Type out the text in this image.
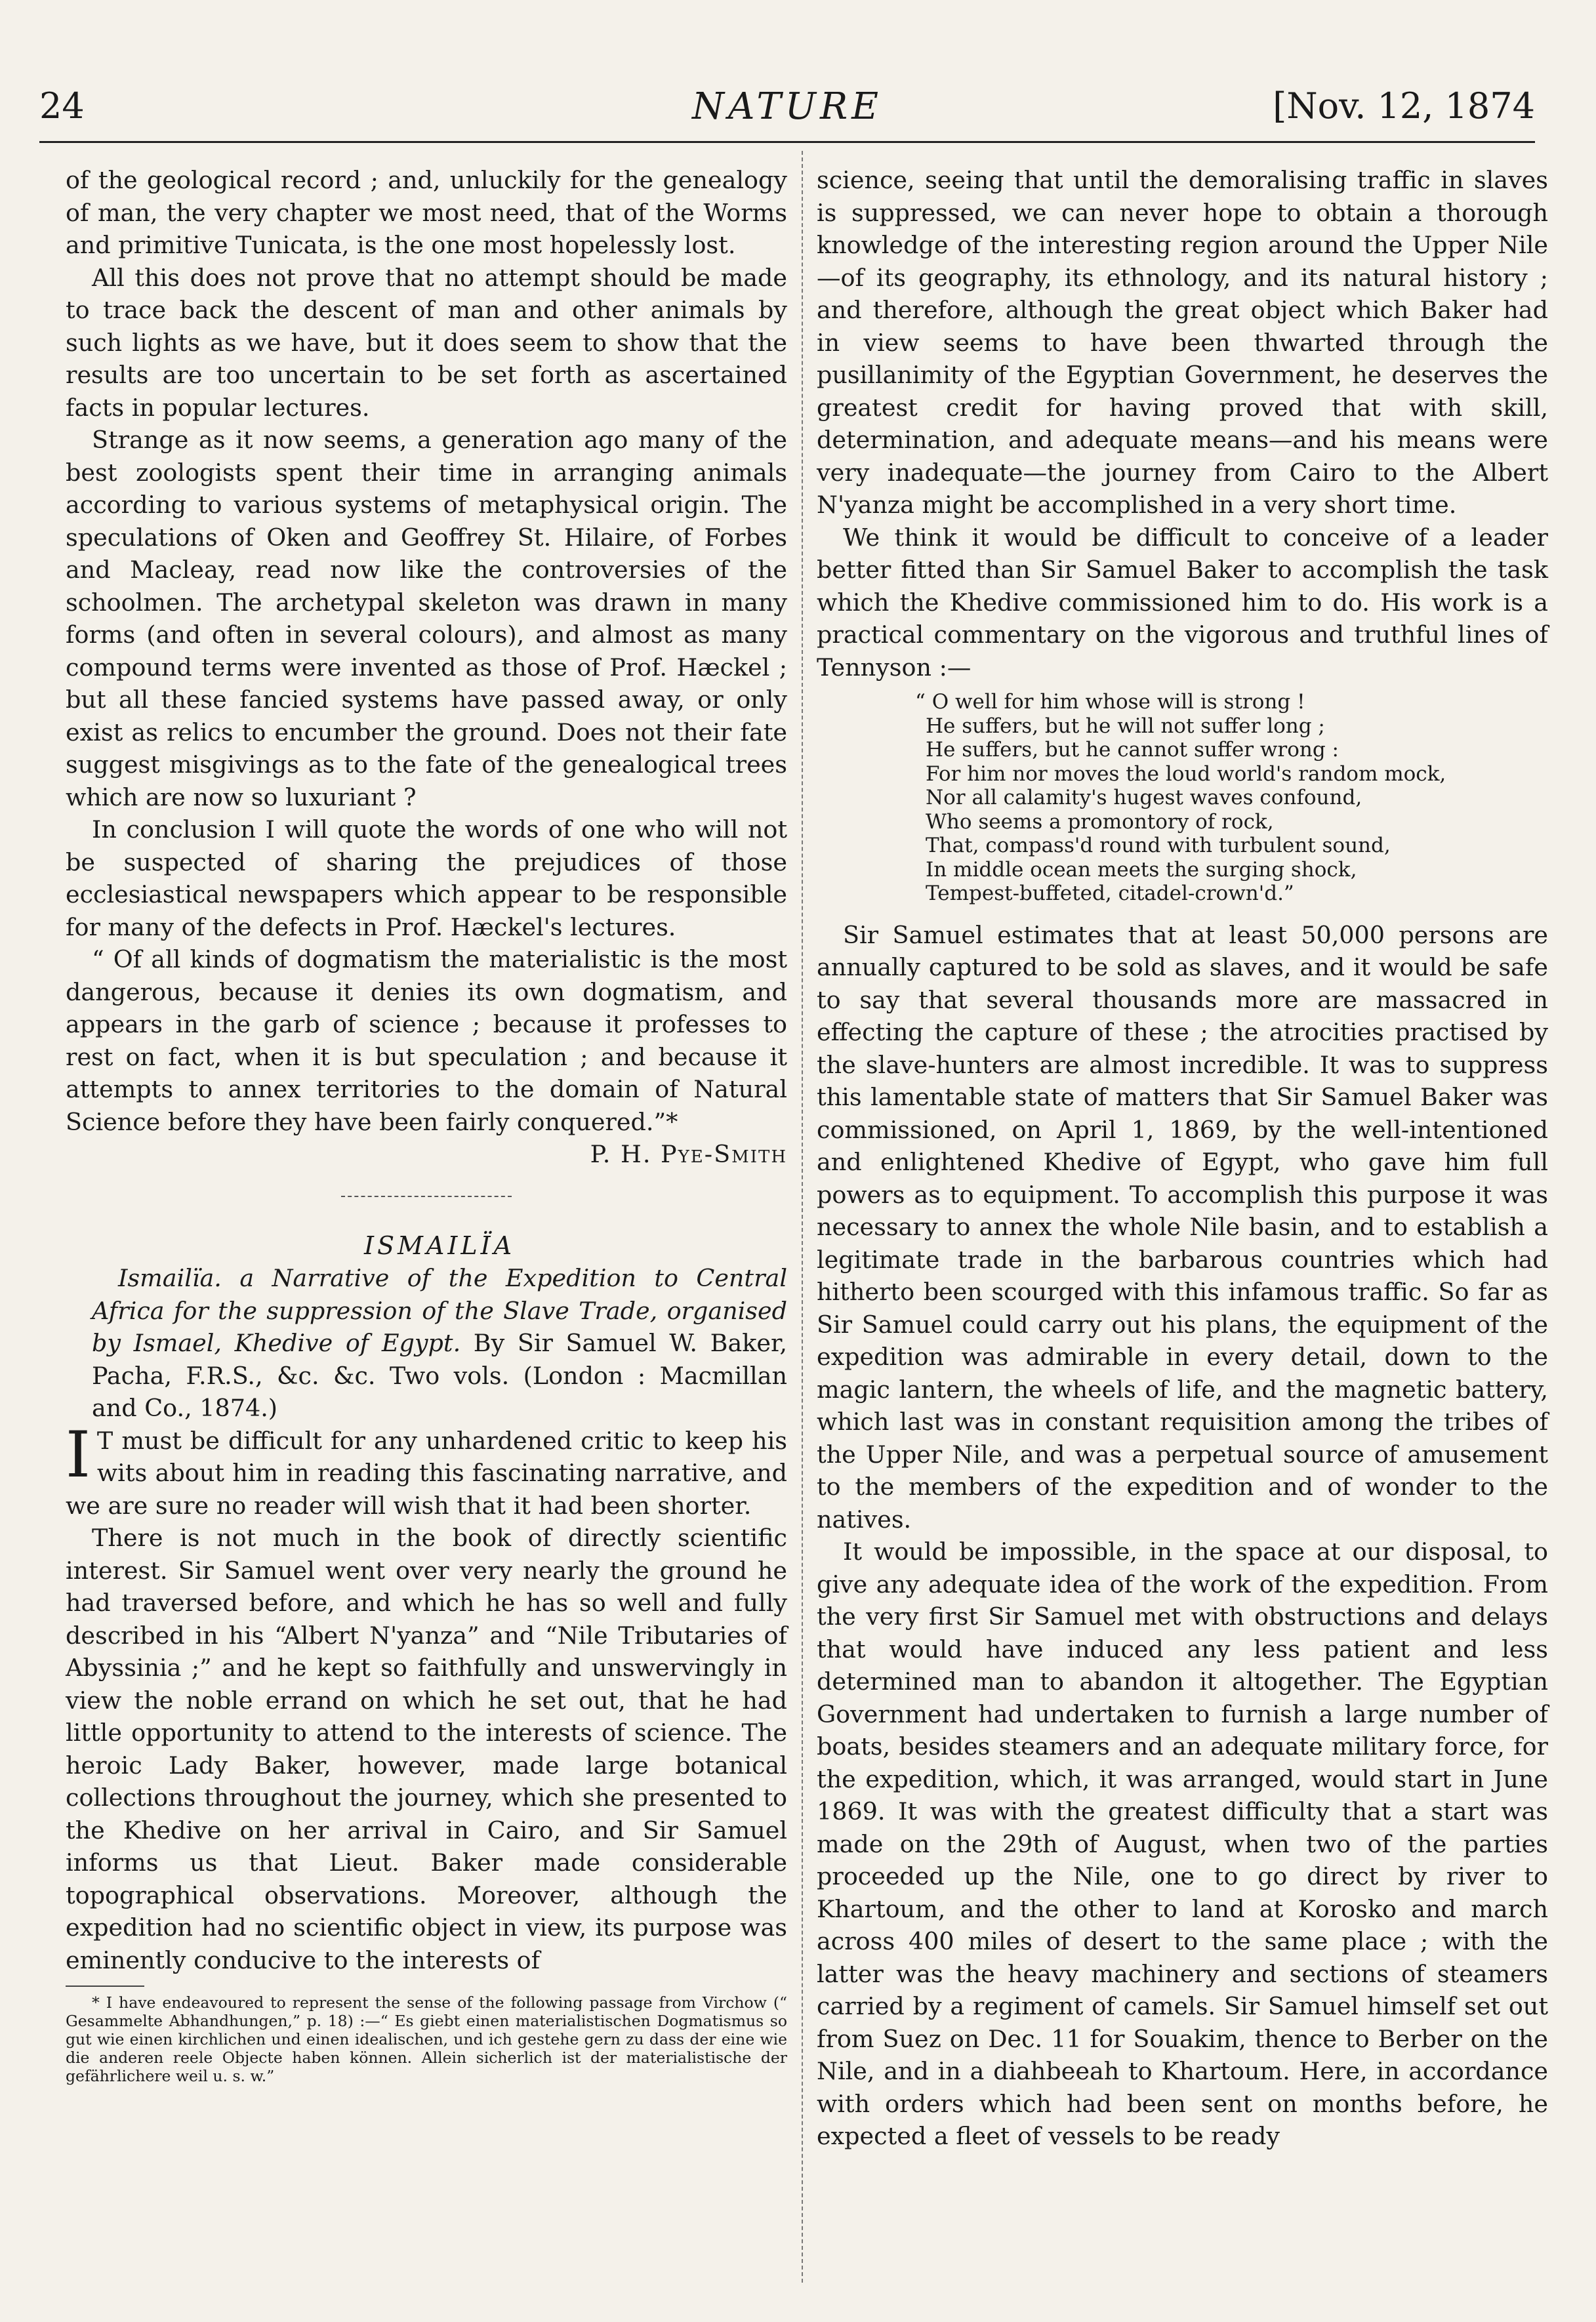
24	NATURE	[Nov. 12, 1874

of the geological record ; and, unluckily for the genealogy of man, the very chapter we most need, that of the Worms and primitive Tunicata, is the one most hopelessly lost.

All this does not prove that no attempt should be made to trace back the descent of man and other animals by such lights as we have, but it does seem to show that the results are too uncertain to be set forth as ascertained facts in popular lectures.

Strange as it now seems, a generation ago many of the best zoologists spent their time in arranging animals according to various systems of metaphysical origin. The speculations of Oken and Geoffrey St. Hilaire, of Forbes and Macleay, read now like the controversies of the schoolmen. The archetypal skeleton was drawn in many forms (and often in several colours), and almost as many compound terms were invented as those of Prof. Hæckel ; but all these fancied systems have passed away, or only exist as relics to encumber the ground. Does not their fate suggest misgivings as to the fate of the genealogical trees which are now so luxuriant ?

In conclusion I will quote the words of one who will not be suspected of sharing the prejudices of those ecclesiastical newspapers which appear to be responsible for many of the defects in Prof. Hæckel's lectures.

“ Of all kinds of dogmatism the materialistic is the most dangerous, because it denies its own dogmatism, and appears in the garb of science ; because it professes to rest on fact, when it is but speculation ; and because it attempts to annex territories to the domain of Natural Science before they have been fairly conquered.”*

P. H. Pye-Smith

ISMAILÏA

Ismailïa. a Narrative of the Expedition to Central Africa for the suppression of the Slave Trade, organised by Ismael, Khedive of Egypt. By Sir Samuel W. Baker, Pacha, F.R.S., &c. &c. Two vols. (London : Macmillan and Co., 1874.)

I T must be difficult for any unhardened critic to keep his wits about him in reading this fascinating narrative, and we are sure no reader will wish that it had been shorter.

There is not much in the book of directly scientific interest. Sir Samuel went over very nearly the ground he had traversed before, and which he has so well and fully described in his “Albert N'yanza” and “Nile Tributaries of Abyssinia ;” and he kept so faithfully and unswervingly in view the noble errand on which he set out, that he had little opportunity to attend to the interests of science. The heroic Lady Baker, however, made large botanical collections throughout the journey, which she presented to the Khedive on her arrival in Cairo, and Sir Samuel informs us that Lieut. Baker made considerable topographical observations. Moreover, although the expedition had no scientific object in view, its purpose was eminently conducive to the interests of

* I have endeavoured to represent the sense of the following passage from Virchow (“ Gesammelte Abhandhungen,” p. 18) :—“ Es giebt einen materialistischen Dogmatismus so gut wie einen kirchlichen und einen idealischen, und ich gestehe gern zu dass der eine wie die anderen reele Objecte haben können. Allein sicherlich ist der materialistische der gefährlichere weil u. s. w.”

science, seeing that until the demoralising traffic in slaves is suppressed, we can never hope to obtain a thorough knowledge of the interesting region around the Upper Nile—of its geography, its ethnology, and its natural history ; and therefore, although the great object which Baker had in view seems to have been thwarted through the pusillanimity of the Egyptian Government, he deserves the greatest credit for having proved that with skill, determination, and adequate means—and his means were very inadequate—the journey from Cairo to the Albert N'yanza might be accomplished in a very short time.

We think it would be difficult to conceive of a leader better fitted than Sir Samuel Baker to accomplish the task which the Khedive commissioned him to do. His work is a practical commentary on the vigorous and truthful lines of Tennyson :—

“ O well for him whose will is strong !
He suffers, but he will not suffer long ;
He suffers, but he cannot suffer wrong :
For him nor moves the loud world's random mock,
Nor all calamity's hugest waves confound,
Who seems a promontory of rock,
That, compass'd round with turbulent sound,
In middle ocean meets the surging shock,
Tempest-buffeted, citadel-crown'd.”

Sir Samuel estimates that at least 50,000 persons are annually captured to be sold as slaves, and it would be safe to say that several thousands more are massacred in effecting the capture of these ; the atrocities practised by the slave-hunters are almost incredible. It was to suppress this lamentable state of matters that Sir Samuel Baker was commissioned, on April 1, 1869, by the well-intentioned and enlightened Khedive of Egypt, who gave him full powers as to equipment. To accomplish this purpose it was necessary to annex the whole Nile basin, and to establish a legitimate trade in the barbarous countries which had hitherto been scourged with this infamous traffic. So far as Sir Samuel could carry out his plans, the equipment of the expedition was admirable in every detail, down to the magic lantern, the wheels of life, and the magnetic battery, which last was in constant requisition among the tribes of the Upper Nile, and was a perpetual source of amusement to the members of the expedition and of wonder to the natives.

It would be impossible, in the space at our disposal, to give any adequate idea of the work of the expedition. From the very first Sir Samuel met with obstructions and delays that would have induced any less patient and less determined man to abandon it altogether. The Egyptian Government had undertaken to furnish a large number of boats, besides steamers and an adequate military force, for the expedition, which, it was arranged, would start in June 1869. It was with the greatest difficulty that a start was made on the 29th of August, when two of the parties proceeded up the Nile, one to go direct by river to Khartoum, and the other to land at Korosko and march across 400 miles of desert to the same place ; with the latter was the heavy machinery and sections of steamers carried by a regiment of camels. Sir Samuel himself set out from Suez on Dec. 11 for Souakim, thence to Berber on the Nile, and in a diahbeeah to Khartoum. Here, in accordance with orders which had been sent on months before, he expected a fleet of vessels to be ready
